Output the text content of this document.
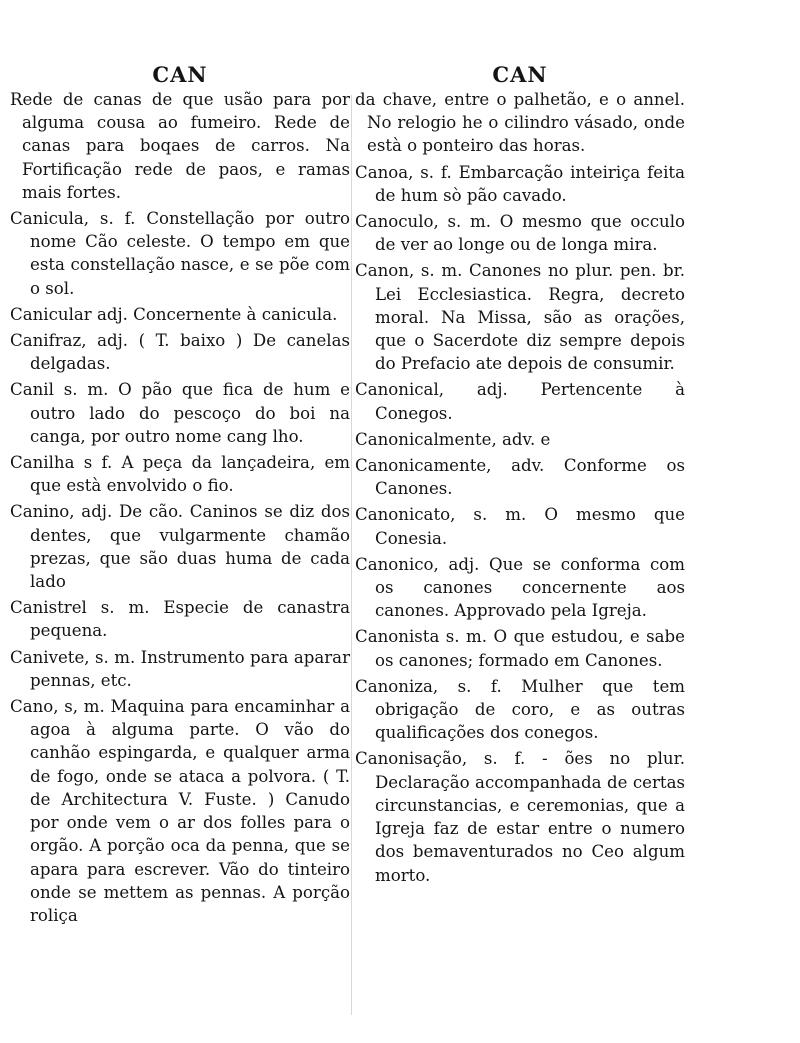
CAN

Rede de canas de que usão para por alguma cousa ao fumeiro. Rede de canas para boqaes de carros. Na Fortificação rede de paos, e ramas mais fortes.

Canicula, s. f. Constellação por outro nome Cão celeste. O tempo em que esta constellação nasce, e se põe com o sol.

Canicular adj. Concernente à canicula.

Canifraz, adj. ( T. baixo ) De canelas delgadas.

Canil s. m. O pão que fica de hum e outro lado do pescoço do boi na canga, por outro nome cang lho.

Canilha s f. A peça da lançadeira, em que està envolvido o fio.

Canino, adj. De cão. Caninos se diz dos dentes, que vulgarmente chamão prezas, que são duas huma de cada lado

Canistrel s. m. Especie de canastra pequena.

Canivete, s. m. Instrumento para aparar pennas, etc.

Cano, s, m. Maquina para encaminhar a agoa à alguma parte. O vão do canhão espingarda, e qualquer arma de fogo, onde se ataca a polvora. ( T. de Architectura V. Fuste. ) Canudo por onde vem o ar dos folles para o orgão. A porção oca da penna, que se apara para escrever. Vão do tinteiro onde se mettem as pennas. A porção roliça

CAN

da chave, entre o palhetão, e o annel. No relogio he o cilindro vásado, onde està o ponteiro das horas.

Canoa, s. f. Embarcação inteiriça feita de hum sò pão cavado.

Canoculo, s. m. O mesmo que occulo de ver ao longe ou de longa mira.

Canon, s. m. Canones no plur. pen. br. Lei Ecclesiastica. Regra, decreto moral. Na Missa, são as orações, que o Sacerdote diz sempre depois do Prefacio ate depois de consumir.

Canonical, adj. Pertencente à Conegos.

Canonicalmente, adv. e

Canonicamente, adv. Conforme os Canones.

Canonicato, s. m. O mesmo que Conesia.

Canonico, adj. Que se conforma com os canones concernente aos canones. Approvado pela Igreja.

Canonista s. m. O que estudou, e sabe os canones; formado em Canones.

Canoniza, s. f. Mulher que tem obrigação de coro, e as outras qualificações dos conegos.

Canonisação, s. f. - ões no plur. Declaração accompanhada de certas circunstancias, e ceremonias, que a Igreja faz de estar entre o numero dos bemaventurados no Ceo algum morto.
